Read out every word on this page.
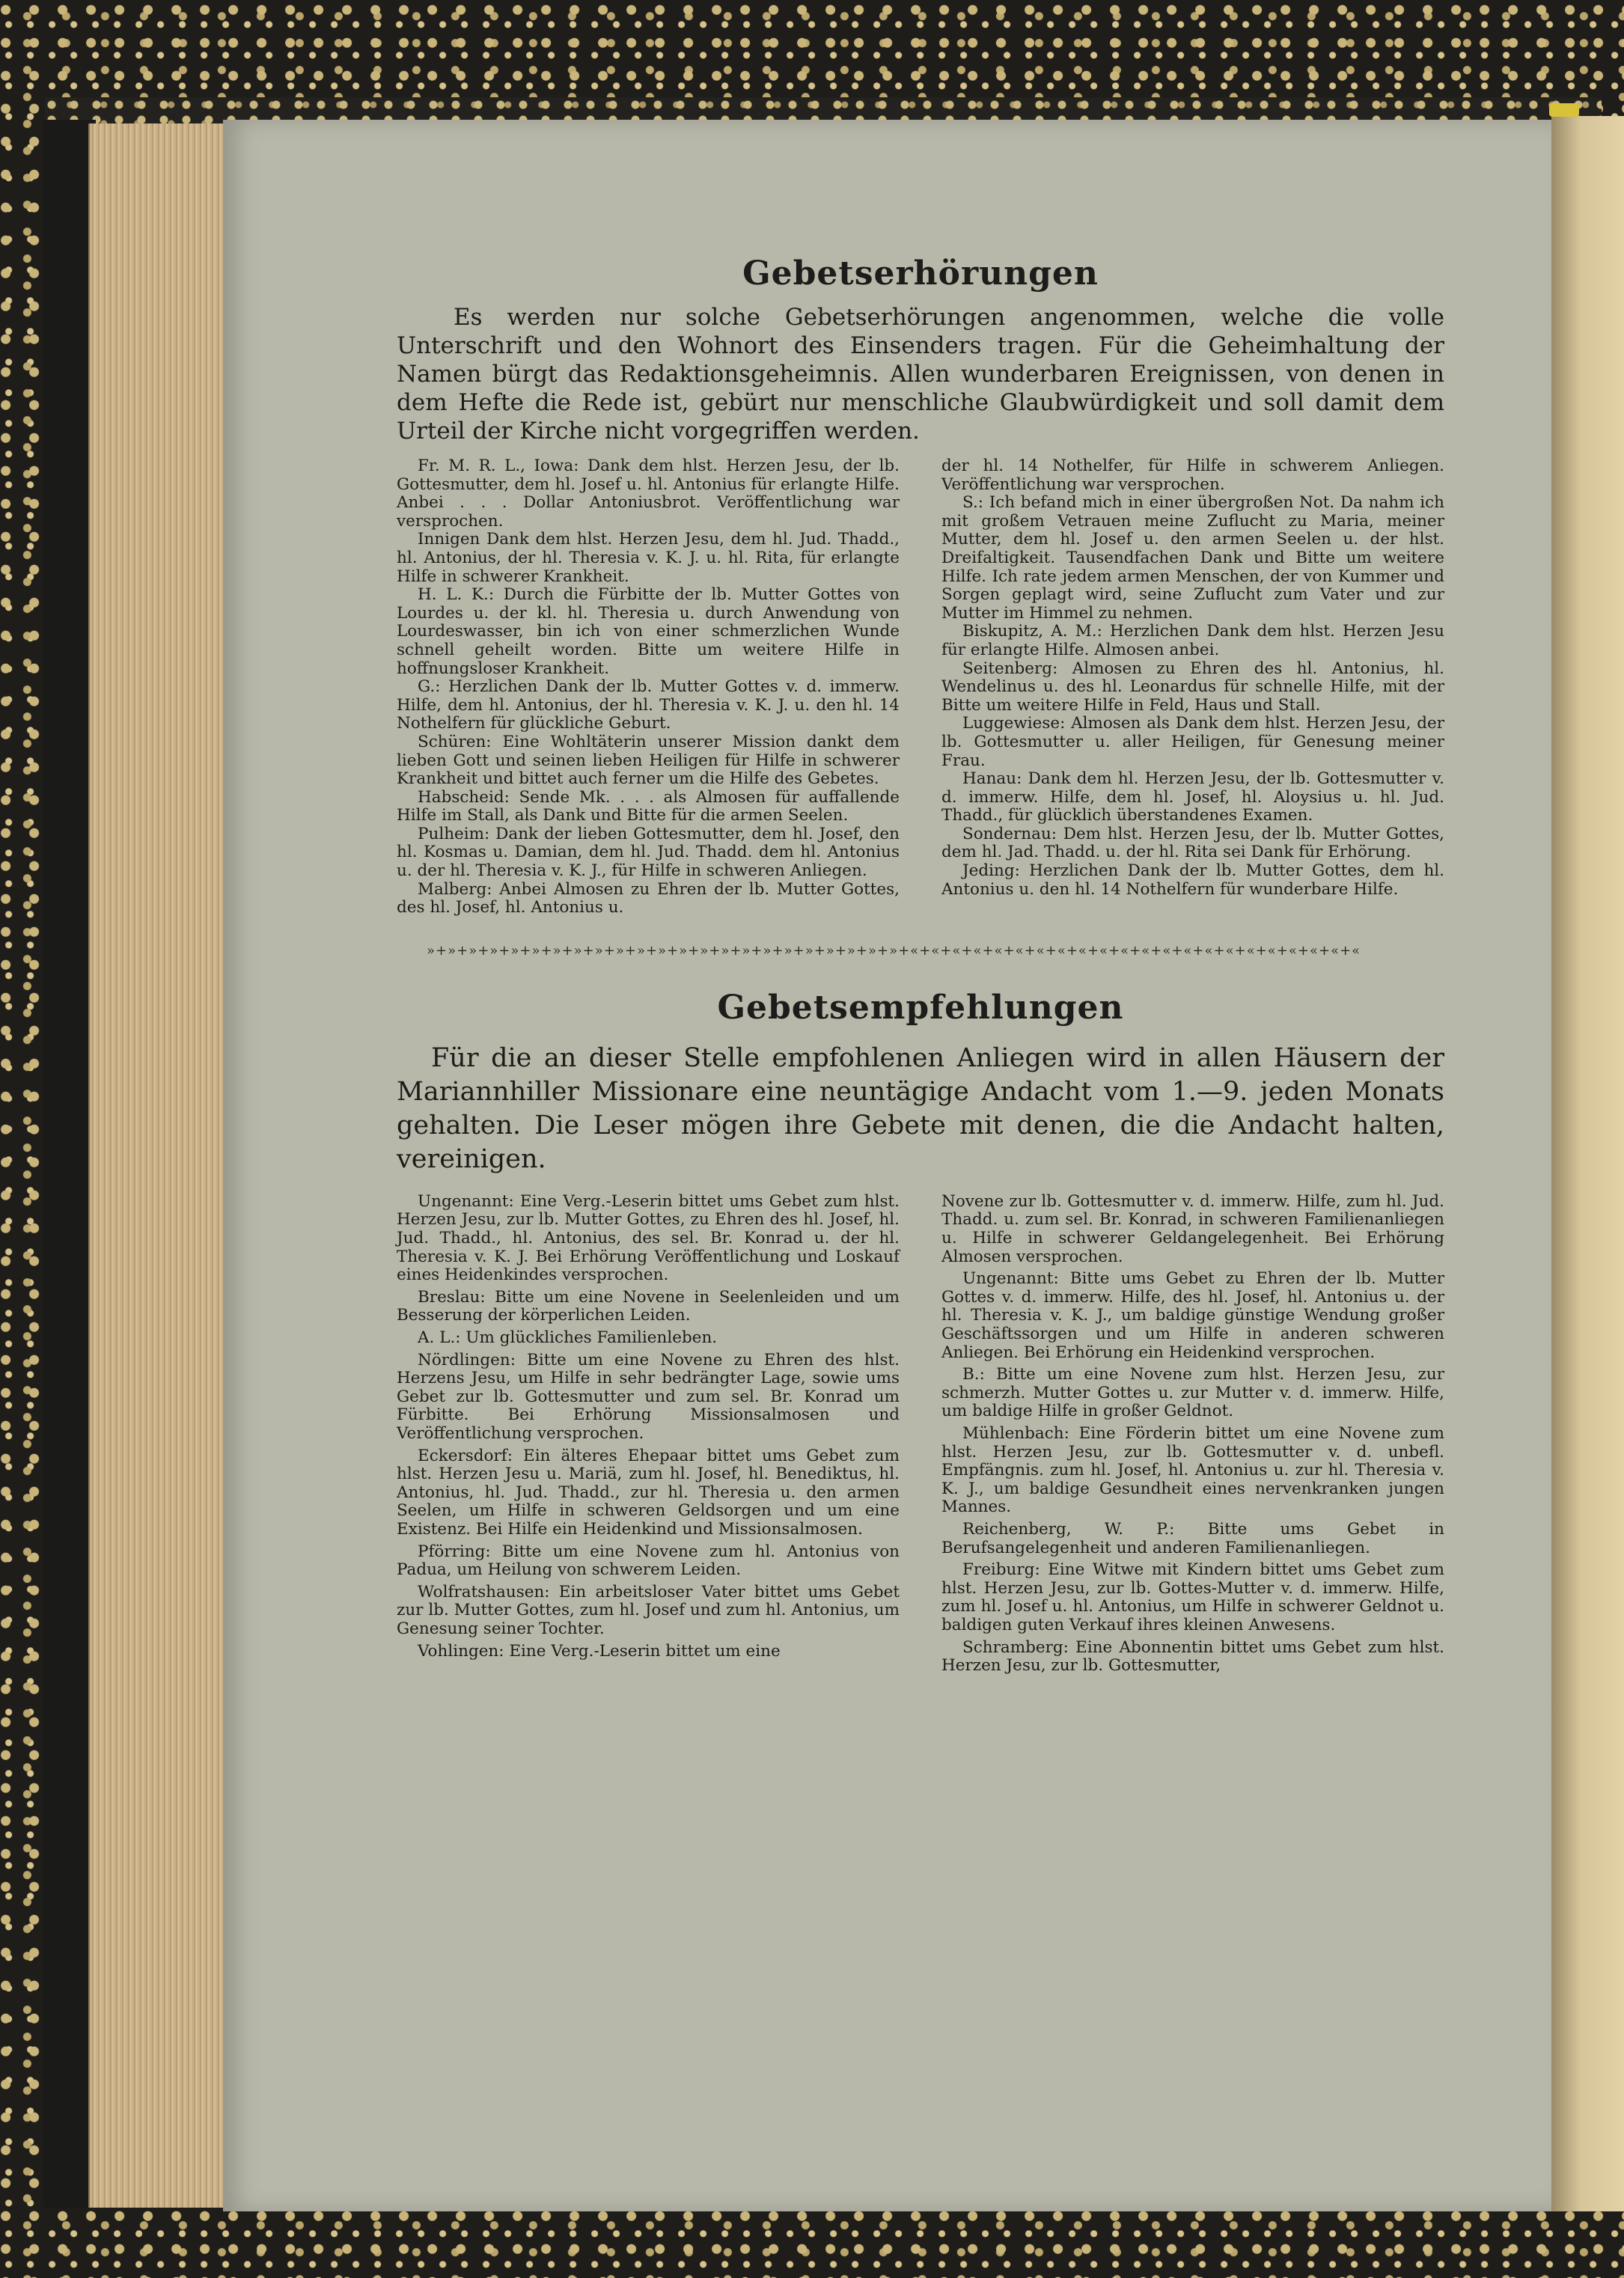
Gebetserhörungen

Es werden nur solche Gebetserhörungen angenommen, welche die volle Unterschrift und den Wohnort des Einsenders tragen. Für die Geheimhaltung der Namen bürgt das Redaktionsgeheimnis. Allen wunderbaren Ereignissen, von denen in dem Hefte die Rede ist, gebürt nur menschliche Glaubwürdigkeit und soll damit dem Urteil der Kirche nicht vorgegriffen werden.

Fr. M. R. L., Iowa: Dank dem hlst. Herzen Jesu, der lb. Gottesmutter, dem hl. Josef u. hl. Antonius für erlangte Hilfe. Anbei . . . Dollar Antoniusbrot. Veröffentlichung war versprochen.

Innigen Dank dem hlst. Herzen Jesu, dem hl. Jud. Thadd., hl. Antonius, der hl. Theresia v. K. J. u. hl. Rita, für erlangte Hilfe in schwerer Krankheit.

H. L. K.: Durch die Fürbitte der lb. Mutter Gottes von Lourdes u. der kl. hl. Theresia u. durch Anwendung von Lourdeswasser, bin ich von einer schmerzlichen Wunde schnell geheilt worden. Bitte um weitere Hilfe in hoffnungsloser Krankheit.

G.: Herzlichen Dank der lb. Mutter Gottes v. d. immerw. Hilfe, dem hl. Antonius, der hl. Theresia v. K. J. u. den hl. 14 Nothelfern für glückliche Geburt.

Schüren: Eine Wohltäterin unserer Mission dankt dem lieben Gott und seinen lieben Heiligen für Hilfe in schwerer Krankheit und bittet auch ferner um die Hilfe des Gebetes.

Habscheid: Sende Mk. . . . als Almosen für auffallende Hilfe im Stall, als Dank und Bitte für die armen Seelen.

Pulheim: Dank der lieben Gottesmutter, dem hl. Josef, den hl. Kosmas u. Damian, dem hl. Jud. Thadd. dem hl. Antonius u. der hl. Theresia v. K. J., für Hilfe in schweren Anliegen.

Malberg: Anbei Almosen zu Ehren der lb. Mutter Gottes, des hl. Josef, hl. Antonius u.

der hl. 14 Nothelfer, für Hilfe in schwerem Anliegen. Veröffentlichung war versprochen.

S.: Ich befand mich in einer übergroßen Not. Da nahm ich mit großem Vetrauen meine Zuflucht zu Maria, meiner Mutter, dem hl. Josef u. den armen Seelen u. der hlst. Dreifaltigkeit. Tausendfachen Dank und Bitte um weitere Hilfe. Ich rate jedem armen Menschen, der von Kummer und Sorgen geplagt wird, seine Zuflucht zum Vater und zur Mutter im Himmel zu nehmen.

Biskupitz, A. M.: Herzlichen Dank dem hlst. Herzen Jesu für erlangte Hilfe. Almosen anbei.

Seitenberg: Almosen zu Ehren des hl. Antonius, hl. Wendelinus u. des hl. Leonardus für schnelle Hilfe, mit der Bitte um weitere Hilfe in Feld, Haus und Stall.

Luggewiese: Almosen als Dank dem hlst. Herzen Jesu, der lb. Gottesmutter u. aller Heiligen, für Genesung meiner Frau.

Hanau: Dank dem hl. Herzen Jesu, der lb. Gottesmutter v. d. immerw. Hilfe, dem hl. Josef, hl. Aloysius u. hl. Jud. Thadd., für glücklich überstandenes Examen.

Sondernau: Dem hlst. Herzen Jesu, der lb. Mutter Gottes, dem hl. Jad. Thadd. u. der hl. Rita sei Dank für Erhörung.

Jeding: Herzlichen Dank der lb. Mutter Gottes, dem hl. Antonius u. den hl. 14 Nothelfern für wunderbare Hilfe.

»+»+»+»+»+»+»+»+»+»+»+»+»+»+»+»+»+»+»+»+»+»+»+«+«+«+«+«+«+«+«+«+«+«+«+«+«+«+«+«+«+«+«+«+«
Gebetsempfehlungen

Für die an dieser Stelle empfohlenen Anliegen wird in allen Häusern der Mariannhiller Missionare eine neuntägige Andacht vom 1.—9. jeden Monats gehalten. Die Leser mögen ihre Gebete mit denen, die die Andacht halten, vereinigen.

Ungenannt: Eine Verg.-Leserin bittet ums Gebet zum hlst. Herzen Jesu, zur lb. Mutter Gottes, zu Ehren des hl. Josef, hl. Jud. Thadd., hl. Antonius, des sel. Br. Konrad u. der hl. Theresia v. K. J. Bei Erhörung Veröffentlichung und Loskauf eines Heidenkindes versprochen.

Breslau: Bitte um eine Novene in Seelenleiden und um Besserung der körperlichen Leiden.

A. L.: Um glückliches Familienleben.

Nördlingen: Bitte um eine Novene zu Ehren des hlst. Herzens Jesu, um Hilfe in sehr bedrängter Lage, sowie ums Gebet zur lb. Gottesmutter und zum sel. Br. Konrad um Fürbitte. Bei Erhörung Missionsalmosen und Veröffentlichung versprochen.

Eckersdorf: Ein älteres Ehepaar bittet ums Gebet zum hlst. Herzen Jesu u. Mariä, zum hl. Josef, hl. Benediktus, hl. Antonius, hl. Jud. Thadd., zur hl. Theresia u. den armen Seelen, um Hilfe in schweren Geldsorgen und um eine Existenz. Bei Hilfe ein Heidenkind und Missionsalmosen.

Pförring: Bitte um eine Novene zum hl. Antonius von Padua, um Heilung von schwerem Leiden.

Wolfratshausen: Ein arbeitsloser Vater bittet ums Gebet zur lb. Mutter Gottes, zum hl. Josef und zum hl. Antonius, um Genesung seiner Tochter.

Vohlingen: Eine Verg.-Leserin bittet um eine

Novene zur lb. Gottesmutter v. d. immerw. Hilfe, zum hl. Jud. Thadd. u. zum sel. Br. Konrad, in schweren Familienanliegen u. Hilfe in schwerer Geldangelegenheit. Bei Erhörung Almosen versprochen.

Ungenannt: Bitte ums Gebet zu Ehren der lb. Mutter Gottes v. d. immerw. Hilfe, des hl. Josef, hl. Antonius u. der hl. Theresia v. K. J., um baldige günstige Wendung großer Geschäftssorgen und um Hilfe in anderen schweren Anliegen. Bei Erhörung ein Heidenkind versprochen.

B.: Bitte um eine Novene zum hlst. Herzen Jesu, zur schmerzh. Mutter Gottes u. zur Mutter v. d. immerw. Hilfe, um baldige Hilfe in großer Geldnot.

Mühlenbach: Eine Förderin bittet um eine Novene zum hlst. Herzen Jesu, zur lb. Gottesmutter v. d. unbefl. Empfängnis. zum hl. Josef, hl. Antonius u. zur hl. Theresia v. K. J., um baldige Gesundheit eines nervenkranken jungen Mannes.

Reichenberg, W. P.: Bitte ums Gebet in Berufsangelegenheit und anderen Familienanliegen.

Freiburg: Eine Witwe mit Kindern bittet ums Gebet zum hlst. Herzen Jesu, zur lb. Gottes-Mutter v. d. immerw. Hilfe, zum hl. Josef u. hl. Antonius, um Hilfe in schwerer Geldnot u. baldigen guten Verkauf ihres kleinen Anwesens.

Schramberg: Eine Abonnentin bittet ums Gebet zum hlst. Herzen Jesu, zur lb. Gottesmutter,
